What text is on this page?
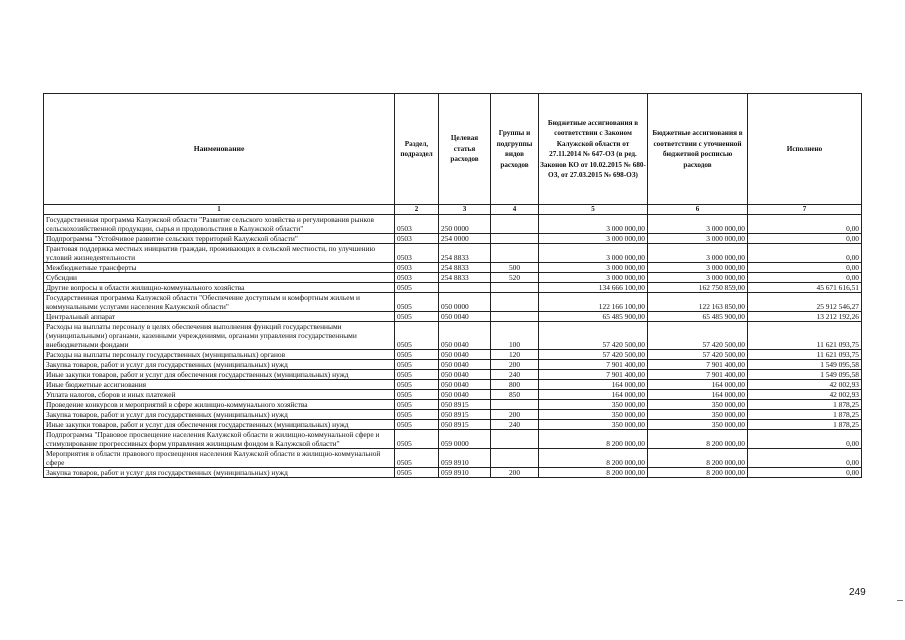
Наименование	Раздел, подраздел	Целевая статья расходов	Группы и подгруппы видов расходов	Бюджетные ассигнования в соответствии с Законом Калужской области от 27.11.2014 № 647-ОЗ (в ред. Законов КО от 10.02.2015 № 680-ОЗ, от 27.03.2015 № 698-ОЗ)	Бюджетные ассигнования в соответствии с уточненной бюджетной росписью расходов	Исполнено
1	2	3	4	5	6	7
Государственная программа Калужской области "Развитие сельского хозяйства и регулирования рынков сельскохозяйственной продукции, сырья и продовольствия в Калужской области"	0503	250 0000		3 000 000,00	3 000 000,00	0,00
Подпрограмма "Устойчивое развитие сельских территорий Калужской области"	0503	254 0000		3 000 000,00	3 000 000,00	0,00
Грантовая поддержка местных инициатив граждан, проживающих в сельской местности, по улучшению условий жизнедеятельности	0503	254 8833		3 000 000,00	3 000 000,00	0,00
Межбюджетные трансферты	0503	254 8833	500	3 000 000,00	3 000 000,00	0,00
Субсидии	0503	254 8833	520	3 000 000,00	3 000 000,00	0,00
Другие вопросы в области жилищно-коммунального хозяйства	0505			134 666 100,00	162 750 859,00	45 671 616,51
Государственная программа Калужской области "Обеспечение доступным и комфортным жильем и коммунальными услугами населения Калужской области"	0505	050 0000		122 166 100,00	122 163 850,00	25 912 546,27
Центральный аппарат	0505	050 0040		65 485 900,00	65 485 900,00	13 212 192,26
Расходы на выплаты персоналу в целях обеспечения выполнения функций государственными (муниципальными) органами, казенными учреждениями, органами управления государственными внебюджетными фондами	0505	050 0040	100	57 420 500,00	57 420 500,00	11 621 093,75
Расходы на выплаты персоналу государственных (муниципальных) органов	0505	050 0040	120	57 420 500,00	57 420 500,00	11 621 093,75
Закупка товаров, работ и услуг для государственных (муниципальных) нужд	0505	050 0040	200	7 901 400,00	7 901 400,00	1 549 095,58
Иные закупки товаров, работ и услуг для обеспечения государственных (муниципальных) нужд	0505	050 0040	240	7 901 400,00	7 901 400,00	1 549 095,58
Иные бюджетные ассигнования	0505	050 0040	800	164 000,00	164 000,00	42 002,93
Уплата налогов, сборов и иных платежей	0505	050 0040	850	164 000,00	164 000,00	42 002,93
Проведение конкурсов и мероприятий в сфере жилищно-коммунального хозяйства	0505	050 8915		350 000,00	350 000,00	1 878,25
Закупка товаров, работ и услуг для государственных (муниципальных) нужд	0505	050 8915	200	350 000,00	350 000,00	1 878,25
Иные закупки товаров, работ и услуг для обеспечения государственных (муниципальных) нужд	0505	050 8915	240	350 000,00	350 000,00	1 878,25
Подпрограмма "Правовое просвещение населения Калужской области в жилищно-коммунальной сфере и стимулирование прогрессивных форм управления жилищным фондом в Калужской области"	0505	059 0000		8 200 000,00	8 200 000,00	0,00
Мероприятия в области правового просвещения населения Калужской области в жилищно-коммунальной сфере	0505	059 8910		8 200 000,00	8 200 000,00	0,00
Закупка товаров, работ и услуг для государственных (муниципальных) нужд	0505	059 8910	200	8 200 000,00	8 200 000,00	0,00
249
